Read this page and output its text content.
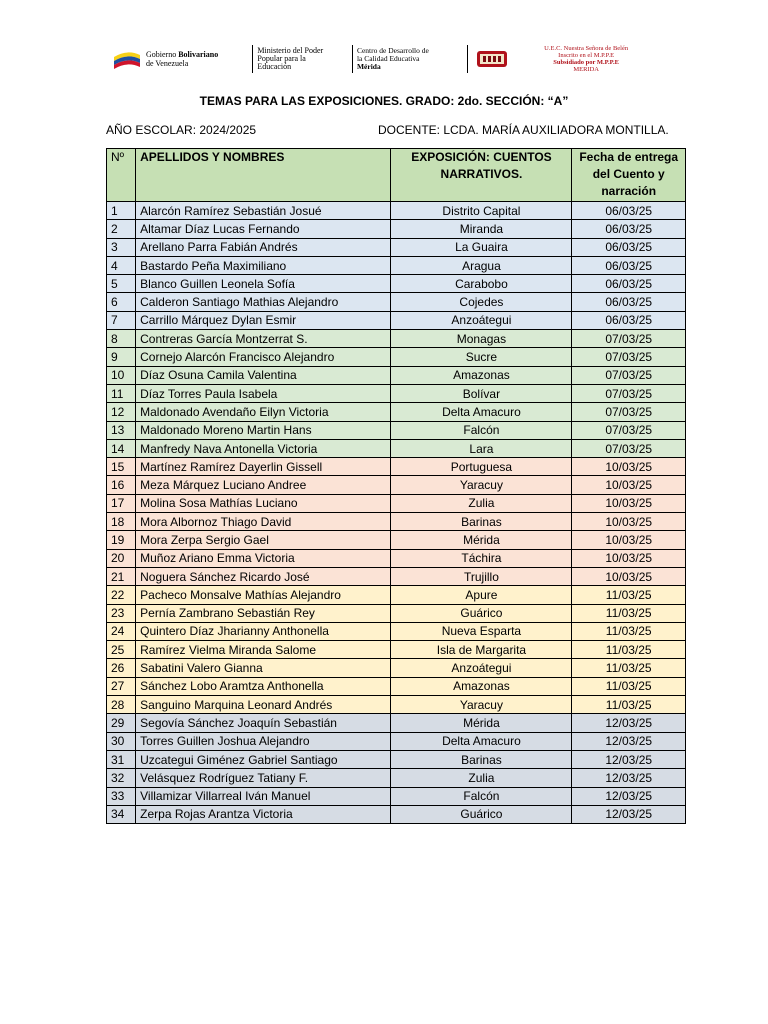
Gobierno Bolivariano
de Venezuela
Ministerio del Poder
Popular para la
Educación
Centro de Desarrollo de
la Calidad Educativa
Mérida
U.E.C. Nuestra Señora de Belén
Inscrito en el M.P.P.E
Subsidiado por M.P.P.E
MERIDA
TEMAS PARA LAS EXPOSICIONES. GRADO: 2do. SECCIÓN: “A”
AÑO ESCOLAR: 2024/2025	DOCENTE: LCDA. MARÍA AUXILIADORA MONTILLA.
Nº	APELLIDOS Y NOMBRES	EXPOSICIÓN: CUENTOS NARRATIVOS.	Fecha de entrega del Cuento y narración
1	Alarcón Ramírez Sebastián Josué	Distrito Capital	06/03/25
2	Altamar Díaz Lucas Fernando	Miranda	06/03/25
3	Arellano Parra Fabián Andrés	La Guaira	06/03/25
4	Bastardo Peña Maximiliano	Aragua	06/03/25
5	Blanco Guillen Leonela Sofía	Carabobo	06/03/25
6	Calderon Santiago Mathias Alejandro	Cojedes	06/03/25
7	Carrillo Márquez Dylan Esmir	Anzoátegui	06/03/25
8	Contreras García Montzerrat S.	Monagas	07/03/25
9	Cornejo Alarcón Francisco Alejandro	Sucre	07/03/25
10	Díaz Osuna Camila Valentina	Amazonas	07/03/25
11	Díaz Torres Paula Isabela	Bolívar	07/03/25
12	Maldonado Avendaño Eilyn Victoria	Delta Amacuro	07/03/25
13	Maldonado Moreno Martin Hans	Falcón	07/03/25
14	Manfredy Nava Antonella Victoria	Lara	07/03/25
15	Martínez Ramírez Dayerlin Gissell	Portuguesa	10/03/25
16	Meza Márquez Luciano Andree	Yaracuy	10/03/25
17	Molina Sosa Mathías Luciano	Zulia	10/03/25
18	Mora Albornoz Thiago David	Barinas	10/03/25
19	Mora Zerpa Sergio Gael	Mérida	10/03/25
20	Muñoz Ariano Emma Victoria	Táchira	10/03/25
21	Noguera Sánchez Ricardo José	Trujillo	10/03/25
22	Pacheco Monsalve Mathías Alejandro	Apure	11/03/25
23	Pernía Zambrano Sebastián Rey	Guárico	11/03/25
24	Quintero Díaz Jharianny Anthonella	Nueva Esparta	11/03/25
25	Ramírez Vielma Miranda Salome	Isla de Margarita	11/03/25
26	Sabatini Valero Gianna	Anzoátegui	11/03/25
27	Sánchez Lobo Aramtza Anthonella	Amazonas	11/03/25
28	Sanguino Marquina Leonard Andrés	Yaracuy	11/03/25
29	Segovía Sánchez Joaquín Sebastián	Mérida	12/03/25
30	Torres Guillen Joshua Alejandro	Delta Amacuro	12/03/25
31	Uzcategui Giménez Gabriel Santiago	Barinas	12/03/25
32	Velásquez Rodríguez Tatiany F.	Zulia	12/03/25
33	Villamizar Villarreal Iván Manuel	Falcón	12/03/25
34	Zerpa Rojas Arantza Victoria	Guárico	12/03/25
